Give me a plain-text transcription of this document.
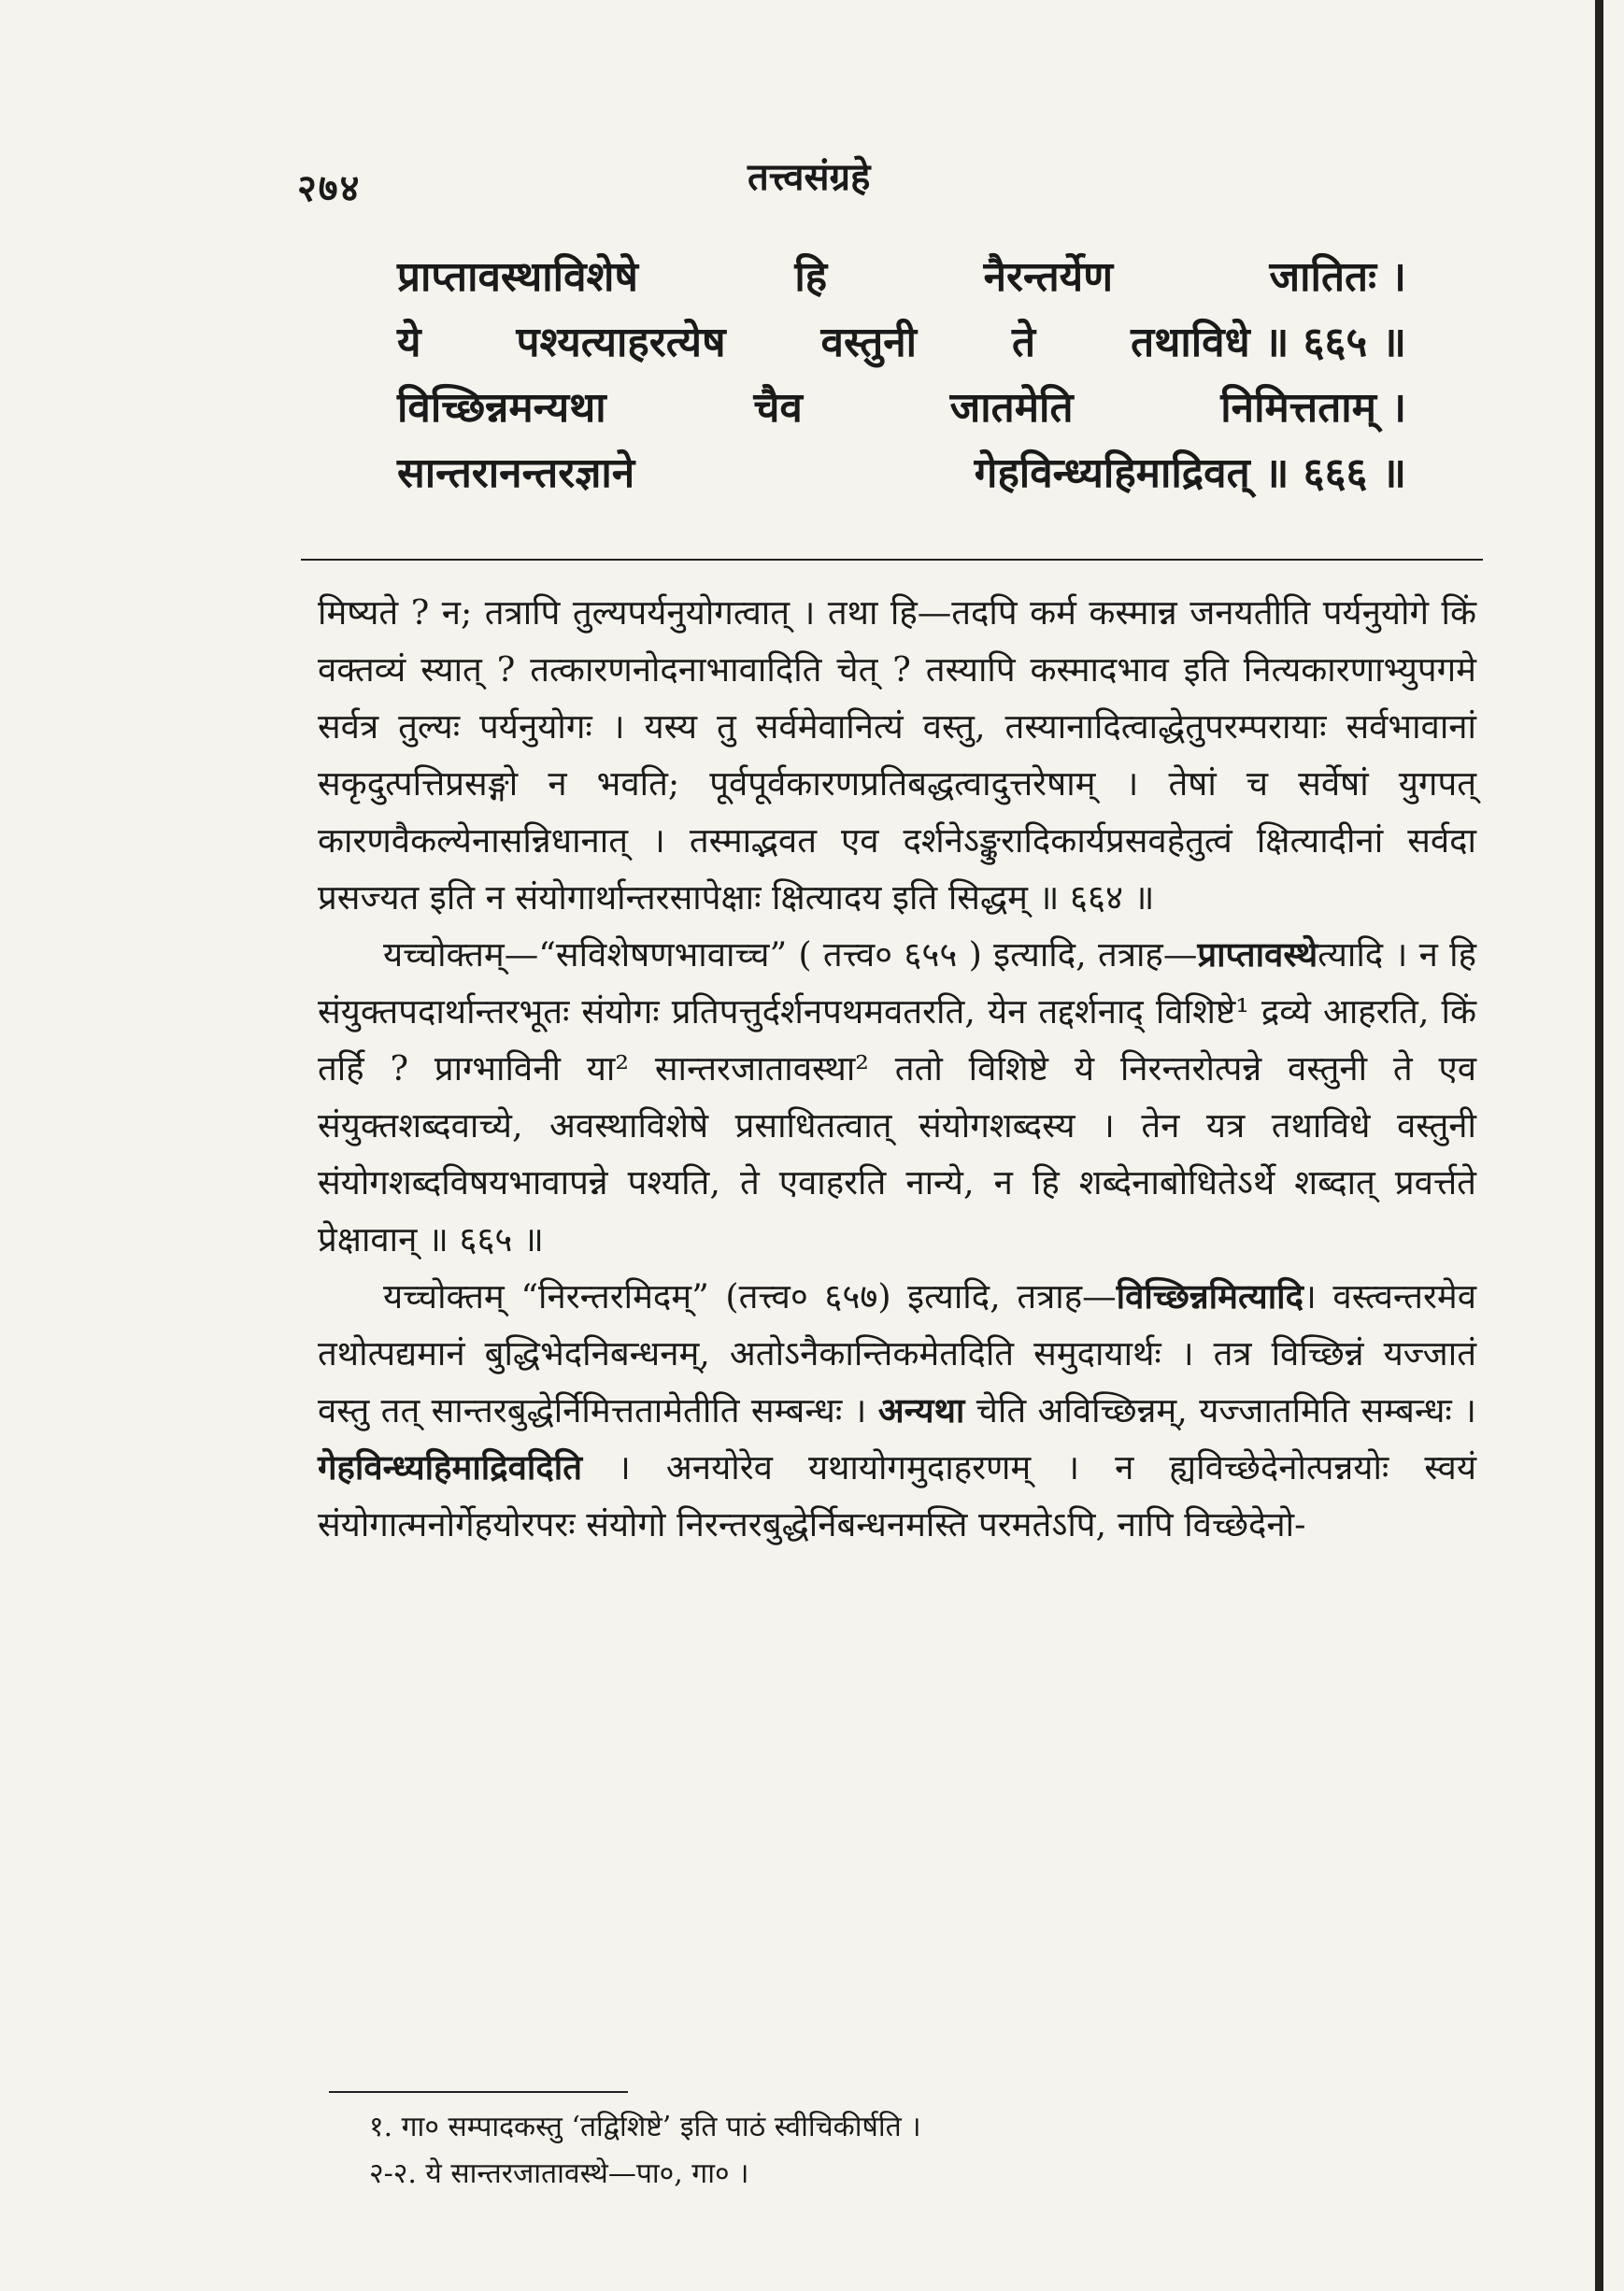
२७४	तत्त्वसंग्रहे
प्राप्तावस्थाविशेषे	हि	नैरन्तर्येण	जातितः ।
ये पश्यत्याहरत्येष वस्तुनी ते तथाविधे ॥ ६६५ ॥
विच्छिन्नमन्यथा	चैव	जातमेति	निमित्तताम् ।
सान्तरानन्तरज्ञाने	गेहविन्ध्यहिमाद्रिवत् ॥ ६६६ ॥

मिष्यते ? न; तत्रापि तुल्यपर्यनुयोगत्वात् । तथा हि—तदपि कर्म कस्मान्न जनयतीति पर्यनुयोगे किं वक्तव्यं स्यात् ? तत्कारणनोदनाभावादिति चेत् ? तस्यापि कस्मादभाव इति नित्यकारणाभ्युपगमे सर्वत्र तुल्यः पर्यनुयोगः । यस्य तु सर्वमेवानित्यं वस्तु, तस्यानादित्वाद्धेतुपरम्परायाः सर्वभावानां सकृदुत्पत्तिप्रसङ्गो न भवति; पूर्वपूर्वकारणप्रतिबद्धत्वादुत्तरेषाम् । तेषां च सर्वेषां युगपत् कारणवैकल्येनासन्निधानात् । तस्माद्भवत एव दर्शनेऽङ्कुरादिकार्यप्रसवहेतुत्वं क्षित्यादीनां सर्वदा प्रसज्यत इति न संयोगार्थान्तरसापेक्षाः क्षित्यादय इति सिद्धम् ॥ ६६४ ॥

यच्चोक्तम्—“सविशेषणभावाच्च” ( तत्त्व० ६५५ ) इत्यादि, तत्राह—प्राप्तावस्थेत्यादि । न हि संयुक्तपदार्थान्तरभूतः संयोगः प्रतिपत्तुर्दर्शनपथमवतरति, येन तद्दर्शनाद् विशिष्टे¹ द्रव्ये आहरति, किं तर्हि ? प्राग्भाविनी या² सान्तरजातावस्था² ततो विशिष्टे ये निरन्तरोत्पन्ने वस्तुनी ते एव संयुक्तशब्दवाच्ये, अवस्थाविशेषे प्रसाधितत्वात् संयोगशब्दस्य । तेन यत्र तथाविधे वस्तुनी संयोगशब्दविषयभावापन्ने पश्यति, ते एवाहरति नान्ये, न हि शब्देनाबोधितेऽर्थे शब्दात् प्रवर्त्तते प्रेक्षावान् ॥ ६६५ ॥

यच्चोक्तम् “निरन्तरमिदम्” (तत्त्व० ६५७) इत्यादि, तत्राह—विच्छिन्नमित्यादि। वस्त्वन्तरमेव तथोत्पद्यमानं बुद्धिभेदनिबन्धनम्, अतोऽनैकान्तिकमेतदिति समुदायार्थः । तत्र विच्छिन्नं यज्जातं वस्तु तत् सान्तरबुद्धेर्निमित्ततामेतीति सम्बन्धः । अन्यथा चेति अविच्छिन्नम्, यज्जातमिति सम्बन्धः । गेहविन्ध्यहिमाद्रिवदिति । अनयोरेव यथायोगमुदाहरणम् । न ह्यविच्छेदेनोत्पन्नयोः स्वयं संयोगात्मनोर्गेहयोरपरः संयोगो निरन्तरबुद्धेर्निबन्धनमस्ति परमतेऽपि, नापि विच्छेदेनो-

१. गा० सम्पादकस्तु ‘तद्विशिष्टे’ इति पाठं स्वीचिकीर्षति ।
२-२. ये सान्तरजातावस्थे—पा०, गा० ।
